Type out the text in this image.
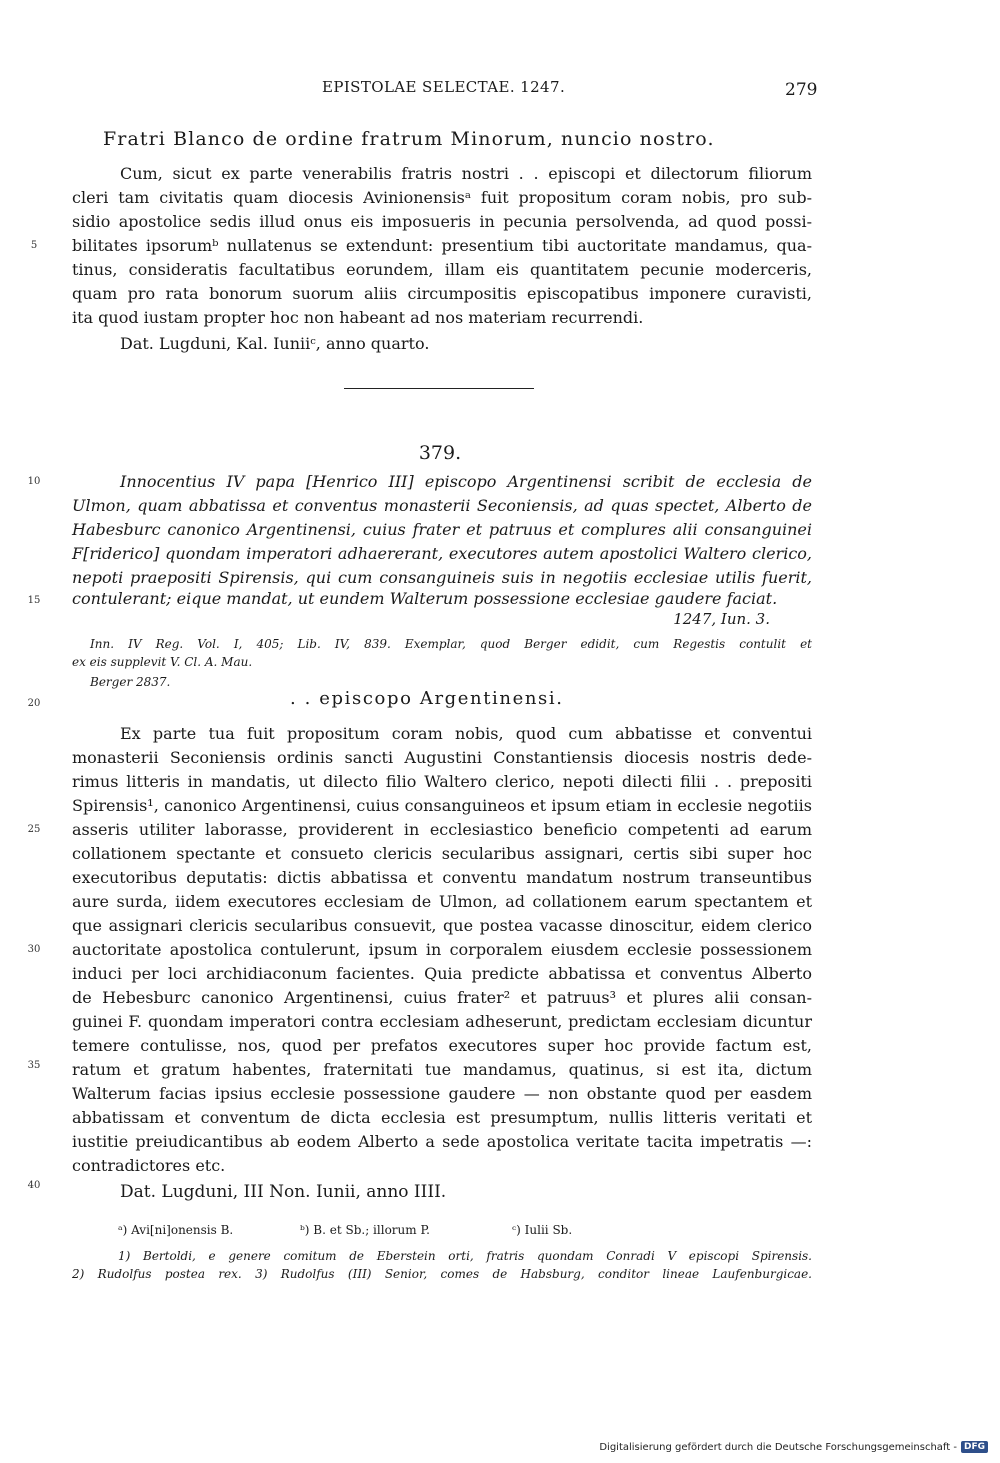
EPISTOLAE SELECTAE. 1247.	279
Fratri Blanco de ordine fratrum Minorum, nuncio nostro.
Cum, sicut ex parte venerabilis fratris nostri . . episcopi et dilectorum filiorum
cleri tam civitatis quam diocesis Avinionensisᵃ fuit propositum coram nobis, pro sub-
sidio apostolice sedis illud onus eis imposueris in pecunia persolvenda, ad quod possi-
bilitates ipsorumᵇ nullatenus se extendunt: presentium tibi auctoritate mandamus, qua-
tinus, consideratis facultatibus eorundem, illam eis quantitatem pecunie moderceris,
quam pro rata bonorum suorum aliis circumpositis episcopatibus imponere curavisti,
ita quod iustam propter hoc non habeant ad nos materiam recurrendi.
Dat. Lugduni, Kal. Iuniiᶜ, anno quarto.
379.
Innocentius IV papa [Henrico III] episcopo Argentinensi scribit de ecclesia de
Ulmon, quam abbatissa et conventus monasterii Seconiensis, ad quas spectet, Alberto de
Habesburc canonico Argentinensi, cuius frater et patruus et complures alii consanguinei
F[riderico] quondam imperatori adhaererant, executores autem apostolici Waltero clerico,
nepoti praepositi Spirensis, qui cum consanguineis suis in negotiis ecclesiae utilis fuerit,
contulerant; eique mandat, ut eundem Walterum possessione ecclesiae gaudere faciat.
1247, Iun. 3.
Inn. IV Reg. Vol. I, 405; Lib. IV, 839. Exemplar, quod Berger edidit, cum Regestis contulit et
ex eis supplevit V. Cl. A. Mau.
Berger 2837.
. . episcopo Argentinensi.
Ex parte tua fuit propositum coram nobis, quod cum abbatisse et conventui
monasterii Seconiensis ordinis sancti Augustini Constantiensis diocesis nostris dede-
rimus litteris in mandatis, ut dilecto filio Waltero clerico, nepoti dilecti filii . . prepositi
Spirensis¹, canonico Argentinensi, cuius consanguineos et ipsum etiam in ecclesie negotiis
asseris utiliter laborasse, providerent in ecclesiastico beneficio competenti ad earum
collationem spectante et consueto clericis secularibus assignari, certis sibi super hoc
executoribus deputatis: dictis abbatissa et conventu mandatum nostrum transeuntibus
aure surda, iidem executores ecclesiam de Ulmon, ad collationem earum spectantem et
que assignari clericis secularibus consuevit, que postea vacasse dinoscitur, eidem clerico
auctoritate apostolica contulerunt, ipsum in corporalem eiusdem ecclesie possessionem
induci per loci archidiaconum facientes. Quia predicte abbatissa et conventus Alberto
de Hebesburc canonico Argentinensi, cuius frater² et patruus³ et plures alii consan-
guinei F. quondam imperatori contra ecclesiam adheserunt, predictam ecclesiam dicuntur
temere contulisse, nos, quod per prefatos executores super hoc provide factum est,
ratum et gratum habentes, fraternitati tue mandamus, quatinus, si est ita, dictum
Walterum facias ipsius ecclesie possessione gaudere — non obstante quod per easdem
abbatissam et conventum de dicta ecclesia est presumptum, nullis litteris veritati et
iustitie preiudicantibus ab eodem Alberto a sede apostolica veritate tacita impetratis —:
contradictores etc.
Dat. Lugduni, III Non. Iunii, anno IIII.
5
10
15
20
25
30
35
40
ᵃ) Avi[ni]onensis B.	ᵇ) B. et Sb.; illorum P.	ᶜ) Iulii Sb.
1) Bertoldi, e genere comitum de Eberstein orti, fratris quondam Conradi V episcopi Spirensis.
2) Rudolfus postea rex. 3) Rudolfus (III) Senior, comes de Habsburg, conditor lineae Laufenburgicae.
Digitalisierung gefördert durch die Deutsche Forschungsgemeinschaft - DFG
